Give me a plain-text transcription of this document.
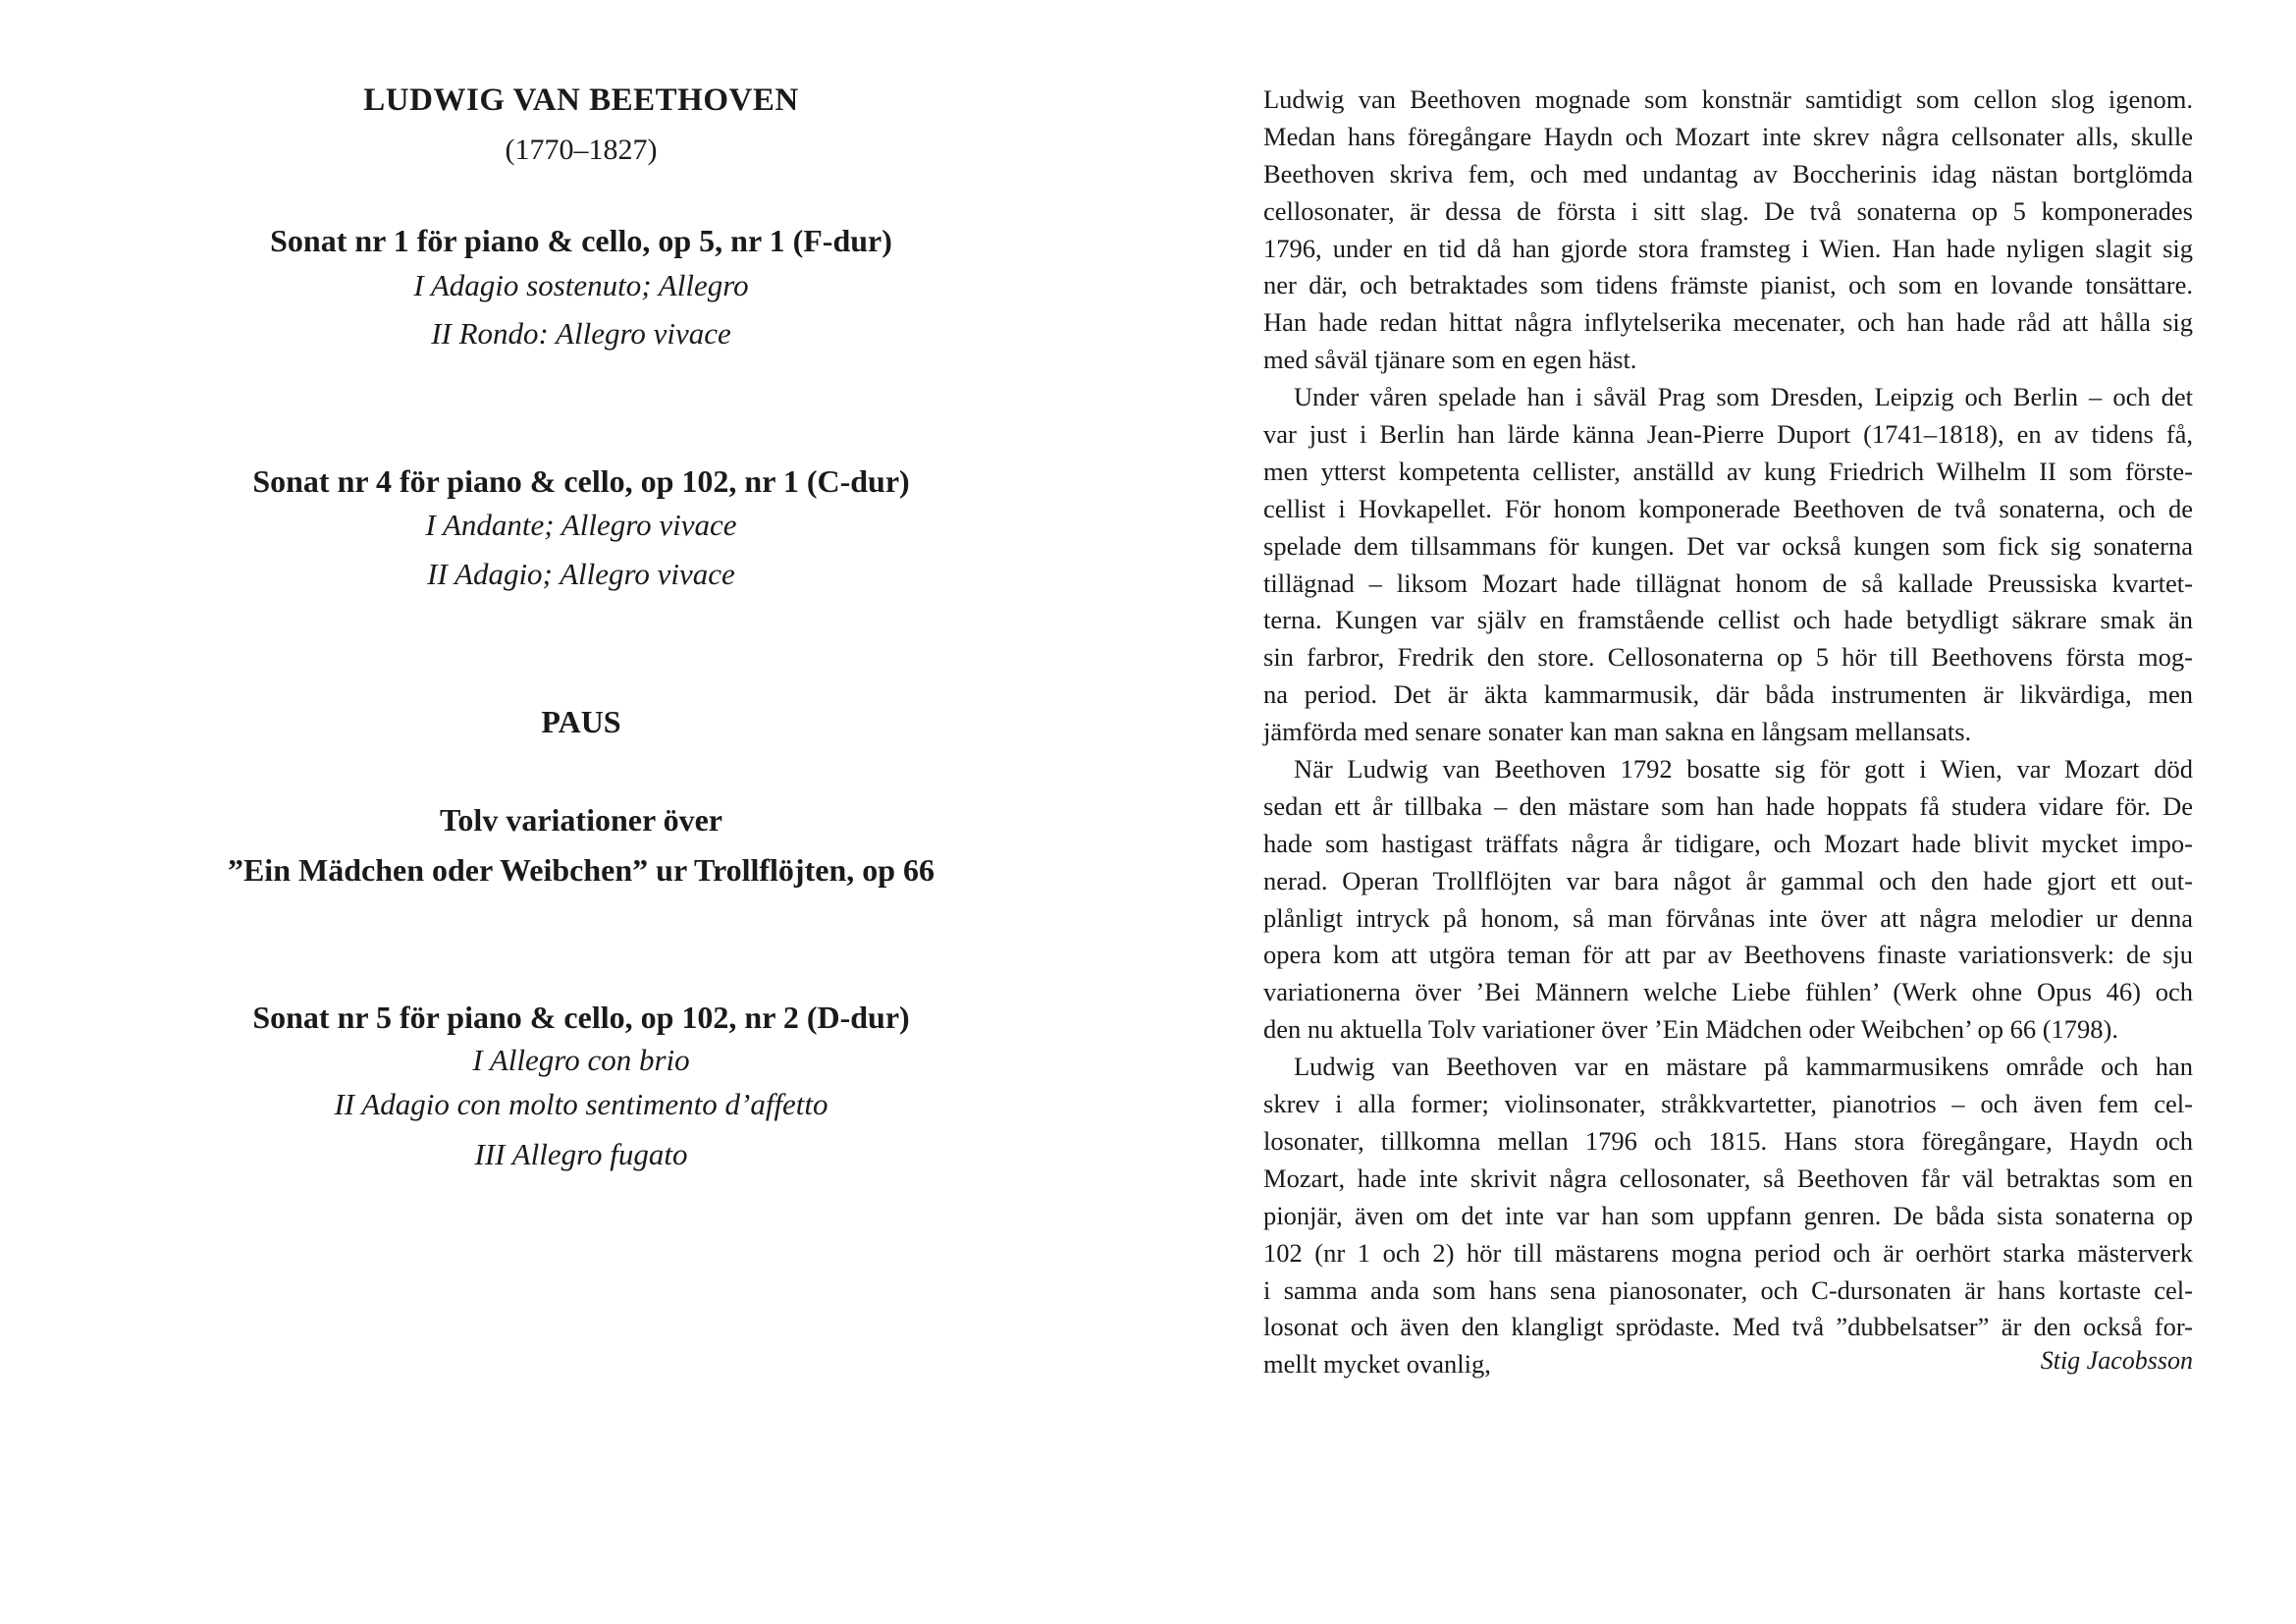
LUDWIG VAN BEETHOVEN
(1770–1827)
Sonat nr 1 för piano & cello, op 5, nr 1 (F-dur)
I Adagio sostenuto; Allegro
II Rondo: Allegro vivace
Sonat nr 4 för piano & cello, op 102, nr 1 (C-dur)
I Andante; Allegro vivace
II Adagio; Allegro vivace
PAUS
Tolv variationer över
”Ein Mädchen oder Weibchen” ur Trollflöjten, op 66
Sonat nr 5 för piano & cello, op 102, nr 2 (D-dur)
I Allegro con brio
II Adagio con molto sentimento d’affetto
III Allegro fugato
Ludwig van Beethoven mognade som konstnär samtidigt som cellon slog igenom.
Medan hans föregångare Haydn och Mozart inte skrev några cellsonater alls, skulle
Beethoven skriva fem, och med undantag av Boccherinis idag nästan bortglömda
cellosonater, är dessa de första i sitt slag. De två sonaterna op 5 komponerades
1796, under en tid då han gjorde stora framsteg i Wien. Han hade nyligen slagit sig
ner där, och betraktades som tidens främste pianist, och som en lovande tonsättare.
Han hade redan hittat några inflytelserika mecenater, och han hade råd att hålla sig
med såväl tjänare som en egen häst.
Under våren spelade han i såväl Prag som Dresden, Leipzig och Berlin – och det
var just i Berlin han lärde känna Jean-Pierre Duport (1741–1818), en av tidens få,
men ytterst kompetenta cellister, anställd av kung Friedrich Wilhelm II som förste-
cellist i Hovkapellet. För honom komponerade Beethoven de två sonaterna, och de
spelade dem tillsammans för kungen. Det var också kungen som fick sig sonaterna
tillägnad – liksom Mozart hade tillägnat honom de så kallade Preussiska kvartet-
terna. Kungen var själv en framstående cellist och hade betydligt säkrare smak än
sin farbror, Fredrik den store. Cellosonaterna op 5 hör till Beethovens första mog-
na period. Det är äkta kammarmusik, där båda instrumenten är likvärdiga, men
jämförda med senare sonater kan man sakna en långsam mellansats.
När Ludwig van Beethoven 1792 bosatte sig för gott i Wien, var Mozart död
sedan ett år tillbaka – den mästare som han hade hoppats få studera vidare för. De
hade som hastigast träffats några år tidigare, och Mozart hade blivit mycket impo-
nerad. Operan Trollflöjten var bara något år gammal och den hade gjort ett out-
plånligt intryck på honom, så man förvånas inte över att några melodier ur denna
opera kom att utgöra teman för att par av Beethovens finaste variationsverk: de sju
variationerna över ’Bei Männern welche Liebe fühlen’ (Werk ohne Opus 46) och
den nu aktuella Tolv variationer över ’Ein Mädchen oder Weibchen’ op 66 (1798).
Ludwig van Beethoven var en mästare på kammarmusikens område och han
skrev i alla former; violinsonater, stråkkvartetter, pianotrios – och även fem cel-
losonater, tillkomna mellan 1796 och 1815. Hans stora föregångare, Haydn och
Mozart, hade inte skrivit några cellosonater, så Beethoven får väl betraktas som en
pionjär, även om det inte var han som uppfann genren. De båda sista sonaterna op
102 (nr 1 och 2) hör till mästarens mogna period och är oerhört starka mästerverk
i samma anda som hans sena pianosonater, och C-dursonaten är hans kortaste cel-
losonat och även den klangligt sprödaste. Med två ”dubbelsatser” är den också for-
mellt mycket ovanlig,	Stig Jacobsson
